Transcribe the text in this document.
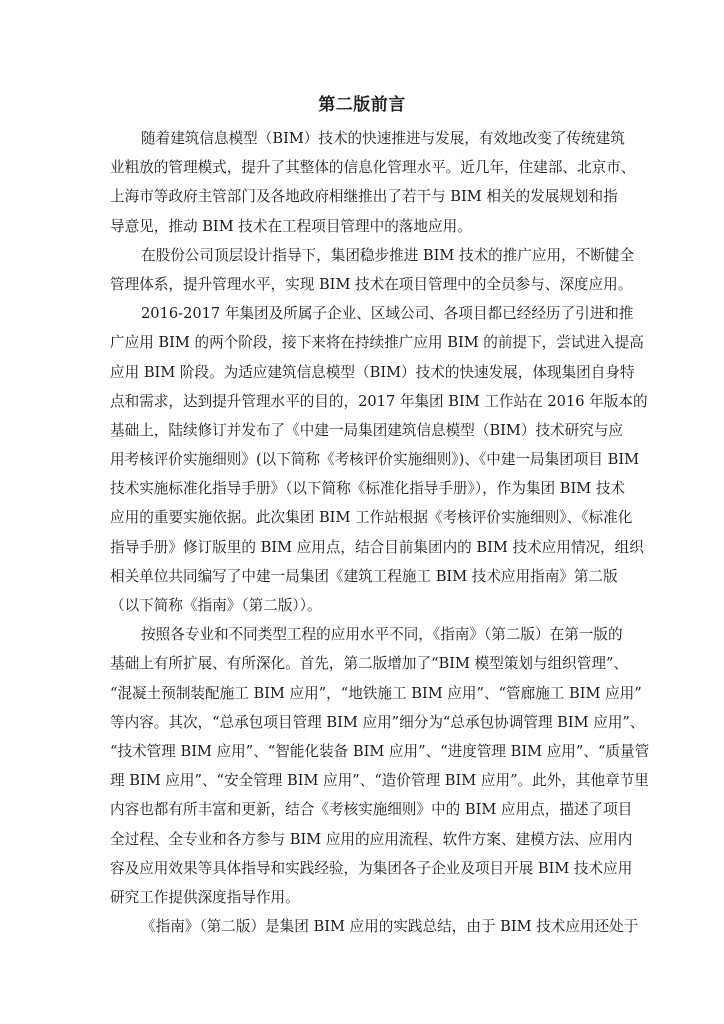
第二版前言
随着建筑信息模型（BIM）技术的快速推进与发展，有效地改变了传统建筑
业粗放的管理模式，提升了其整体的信息化管理水平。近几年，住建部、北京市、
上海市等政府主管部门及各地政府相继推出了若干与 BIM 相关的发展规划和指
导意见，推动 BIM 技术在工程项目管理中的落地应用。
在股份公司顶层设计指导下，集团稳步推进 BIM 技术的推广应用，不断健全
管理体系，提升管理水平，实现 BIM 技术在项目管理中的全员参与、深度应用。
2016-2017 年集团及所属子企业、区域公司、各项目都已经经历了引进和推
广应用 BIM 的两个阶段，接下来将在持续推广应用 BIM 的前提下，尝试进入提高
应用 BIM 阶段。为适应建筑信息模型（BIM）技术的快速发展，体现集团自身特
点和需求，达到提升管理水平的目的，2017 年集团 BIM 工作站在 2016 年版本的
基础上，陆续修订并发布了《中建一局集团建筑信息模型（BIM）技术研究与应
用考核评价实施细则》(以下简称《考核评价实施细则》)、《中建一局集团项目 BIM
技术实施标准化指导手册》（以下简称《标准化指导手册》），作为集团 BIM 技术
应用的重要实施依据。此次集团 BIM 工作站根据《考核评价实施细则》、《标准化
指导手册》修订版里的 BIM 应用点，结合目前集团内的 BIM 技术应用情况，组织
相关单位共同编写了中建一局集团《建筑工程施工 BIM 技术应用指南》第二版
（以下简称《指南》（第二版））。
按照各专业和不同类型工程的应用水平不同，《指南》（第二版）在第一版的
基础上有所扩展、有所深化。首先，第二版增加了“BIM 模型策划与组织管理”、
“混凝土预制装配施工 BIM 应用”，“地铁施工 BIM 应用”、“管廊施工 BIM 应用”
等内容。其次，“总承包项目管理 BIM 应用”细分为“总承包协调管理 BIM 应用”、
“技术管理 BIM 应用”、“智能化装备 BIM 应用”、“进度管理 BIM 应用”、“质量管
理 BIM 应用”、“安全管理 BIM 应用”、“造价管理 BIM 应用”。此外，其他章节里
内容也都有所丰富和更新，结合《考核实施细则》中的 BIM 应用点，描述了项目
全过程、全专业和各方参与 BIM 应用的应用流程、软件方案、建模方法、应用内
容及应用效果等具体指导和实践经验，为集团各子企业及项目开展 BIM 技术应用
研究工作提供深度指导作用。
《指南》（第二版）是集团 BIM 应用的实践总结，由于 BIM 技术应用还处于
